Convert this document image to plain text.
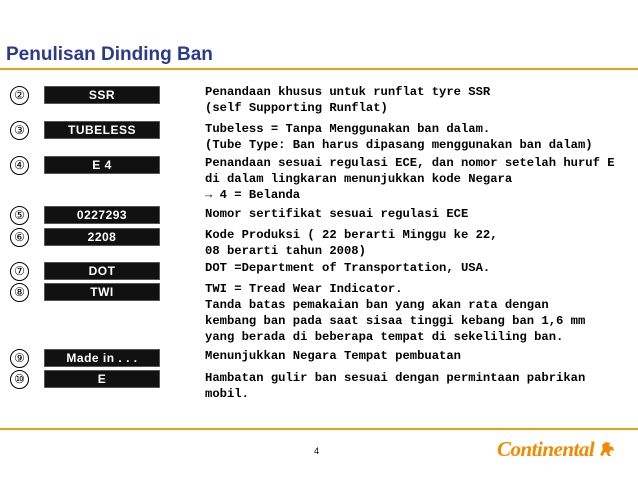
Penulisan Dinding Ban
②	SSR	Penandaan khusus untuk runflat tyre SSR
(self Supporting Runflat)
③	TUBELESS	Tubeless = Tanpa Menggunakan ban dalam.
(Tube Type: Ban harus dipasang menggunakan ban dalam)
④	E 4	Penandaan sesuai regulasi ECE, dan nomor setelah huruf E
di dalam lingkaran menunjukkan kode Negara
→ 4 = Belanda
⑤	0227293	Nomor sertifikat sesuai regulasi ECE
⑥	2208	Kode Produksi ( 22 berarti Minggu ke 22,
08 berarti tahun 2008)
⑦	DOT	DOT =Department of Transportation, USA.
⑧	TWI	TWI = Tread Wear Indicator.
Tanda batas pemakaian ban yang akan rata dengan
kembang ban pada saat sisaa tinggi kebang ban 1,6 mm
yang berada di beberapa tempat di sekeliling ban.
⑨	Made in . . .	Menunjukkan Negara Tempat pembuatan
⑩	E	Hambatan gulir ban sesuai dengan permintaan pabrikan
mobil.
4	Continental
